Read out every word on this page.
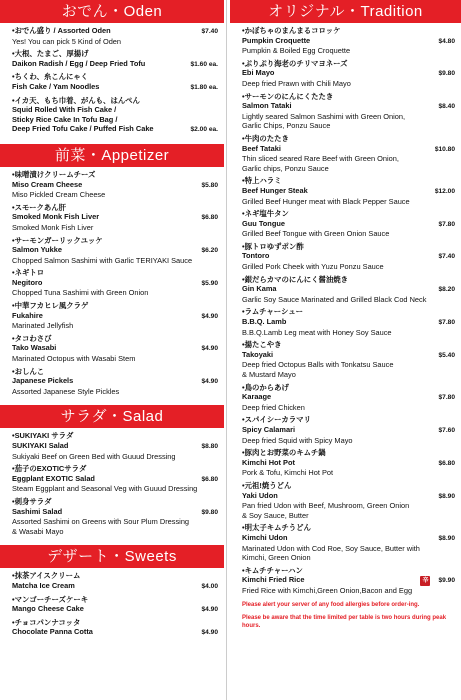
おでん・Oden
•おでん盛り / Assorted Oden	$7.40
Yes! You can pick 5 Kind of Oden
•大根、たまご、厚揚げ
Daikon Radish / Egg / Deep Fried Tofu	$1.60 ea.
•ちくわ、糸こんにゃく
Fish Cake / Yam Noodles	$1.80 ea.
•イカ天、もち巾着、がんも、はんぺん
Squid Rolled With Fish Cake /
Sticky Rice Cake In Tofu Bag /
Deep Fried Tofu Cake / Puffed Fish Cake	$2.00 ea.
前菜・Appetizer
•味噌漬けクリームチーズ
Miso Cream Cheese	$5.80
Miso Pickled Cream Cheese
•スモークあん肝
Smoked Monk Fish Liver	$6.80
Smoked Monk Fish Liver
•サーモンガーリックユッケ
Salmon Yukke	$6.20
Chopped Salmon Sashimi with Garlic TERIYAKI Sauce
•ネギトロ
Negitoro	$5.90
Chopped Tuna Sashimi with Green Onion
•中華フカヒレ風クラゲ
Fukahire	$4.90
Marinated Jellyfish
•タコわさび
Tako Wasabi	$4.90
Marinated Octopus with Wasabi Stem
•おしんこ
Japanese Pickels	$4.90
Assorted Japanese Style Pickles
サラダ・Salad
•SUKIYAKI サラダ
SUKIYAKI Salad	$8.80
Sukiyaki Beef on Green Bed with Guuud Dressing
•茄子のEXOTICサラダ
Eggplant EXOTIC Salad	$6.80
Steam Eggplant and Seasonal Veg with Guuud Dressing
•刺身サラダ
Sashimi Salad	$9.80
Assorted Sashimi on Greens with Sour Plum Dressing
& Wasabi Mayo
デザート・Sweets
•抹茶アイスクリーム
Matcha Ice Cream	$4.00
•マンゴーチーズケーキ
Mango Cheese Cake	$4.90
•チョコパンナコッタ
Chocolate Panna Cotta	$4.90
オリジナル・Tradition
•かぼちゃのまんまるコロッケ
Pumpkin Croquette	$4.80
Pumpkin & Boiled Egg Croquette
•ぷりぷり海老のチリマヨネーズ
Ebi Mayo	$9.80
Deep fried Prawn with Chili Mayo
•サーモンのにんにくたたき
Salmon Tataki	$8.40
Lightly seared Salmon Sashimi with Green Onion,
Garlic Chips, Ponzu Sauce
•牛肉のたたき
Beef Tataki	$10.80
Thin sliced seared Rare Beef with Green Onion,
Garlic chips, Ponzu Sauce
•特上ハラミ
Beef Hunger Steak	$12.00
Grilled Beef Hunger meat with Black Pepper Sauce
•ネギ塩牛タン
Guu Tongue	$7.80
Grilled Beef Tongue with Green Onion Sauce
•豚トロゆずポン酢
Tontoro	$7.40
Grilled Pork Cheek with Yuzu Ponzu Sauce
•銀だらカマのにんにく醤油焼き
Gin Kama	$8.20
Garlic Soy Sauce Marinated and Grilled Black Cod Neck
•ラムチャーシュー
B.B.Q. Lamb	$7.80
B.B.Q.Lamb Leg meat with Honey Soy Sauce
•揚たこやき
Takoyaki	$5.40
Deep fried Octopus Balls with Tonkatsu Sauce
& Mustard Mayo
•鳥のからあげ
Karaage	$7.80
Deep fried Chicken
•スパイシーカラマリ
Spicy Calamari	$7.60
Deep fried Squid with Spicy Mayo
•豚肉とお野菜のキムチ鍋
Kimchi Hot Pot	$6.80
Pork & Tofu, Kimchi Hot Pot
•元祖!焼うどん
Yaki Udon	$8.90
Pan fried Udon with Beef, Mushroom, Green Onion
& Soy Sauce, Butter
•明太子キムチうどん
Kimchi Udon	$8.90
Marinated Udon with Cod Roe, Soy Sauce, Butter with
Kimchi, Green Onion
•キムチチャーハン
Kimchi Fried Rice	辛	$9.90
Fried Rice with Kimchi,Green Onion,Bacon and Egg
Please alert your server of any food allergies before order-ing.
Please be aware that the time limited per table is two hours during peak hours.
